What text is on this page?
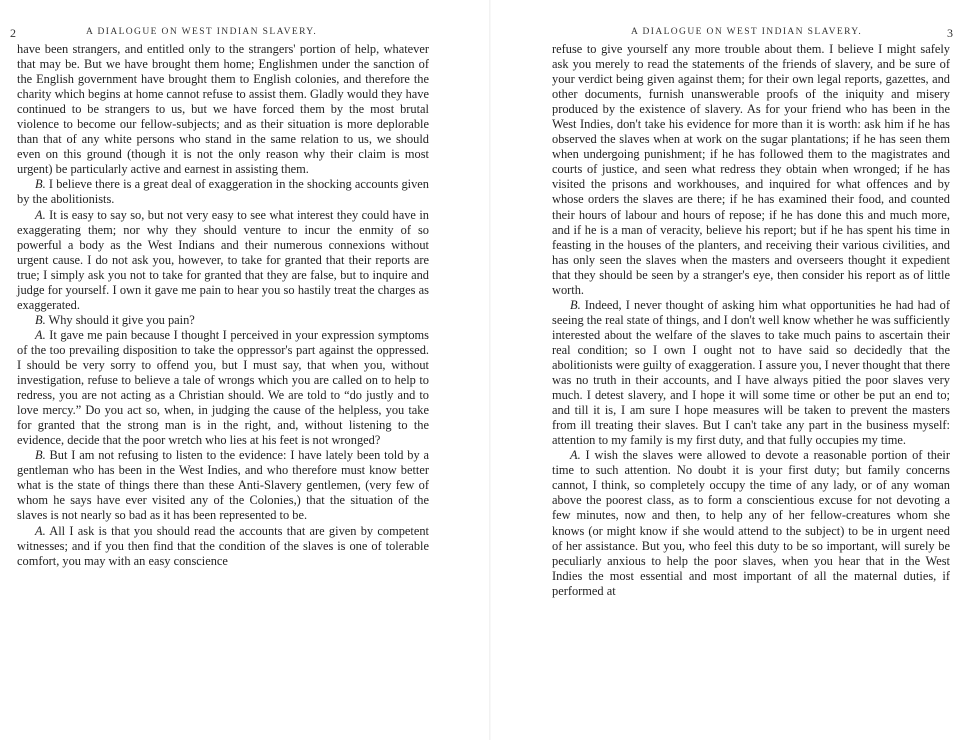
2	A DIALOGUE ON WEST INDIAN SLAVERY.

have been strangers, and entitled only to the strangers' portion of help, whatever that may be. But we have brought them home; Englishmen under the sanction of the English government have brought them to English colonies, and therefore the charity which begins at home cannot refuse to assist them. Gladly would they have continued to be strangers to us, but we have forced them by the most brutal violence to become our fellow-subjects; and as their situation is more deplorable than that of any white persons who stand in the same relation to us, we should even on this ground (though it is not the only reason why their claim is most urgent) be particularly active and earnest in assisting them.

B. I believe there is a great deal of exaggeration in the shocking accounts given by the abolitionists.

A. It is easy to say so, but not very easy to see what interest they could have in exaggerating them; nor why they should venture to incur the enmity of so powerful a body as the West Indians and their numerous connexions without urgent cause. I do not ask you, however, to take for granted that their reports are true; I simply ask you not to take for granted that they are false, but to inquire and judge for yourself. I own it gave me pain to hear you so hastily treat the charges as exaggerated.

B. Why should it give you pain?

A. It gave me pain because I thought I perceived in your expression symptoms of the too prevailing disposition to take the oppressor's part against the oppressed. I should be very sorry to offend you, but I must say, that when you, without investigation, refuse to believe a tale of wrongs which you are called on to help to redress, you are not acting as a Christian should. We are told to “do justly and to love mercy.” Do you act so, when, in judging the cause of the helpless, you take for granted that the strong man is in the right, and, without listening to the evidence, decide that the poor wretch who lies at his feet is not wronged?

B. But I am not refusing to listen to the evidence: I have lately been told by a gentleman who has been in the West Indies, and who therefore must know better what is the state of things there than these Anti-Slavery gentlemen, (very few of whom he says have ever visited any of the Colonies,) that the situation of the slaves is not nearly so bad as it has been represented to be.

A. All I ask is that you should read the accounts that are given by competent witnesses; and if you then find that the condition of the slaves is one of tolerable comfort, you may with an easy conscience

A DIALOGUE ON WEST INDIAN SLAVERY.	3

refuse to give yourself any more trouble about them. I believe I might safely ask you merely to read the statements of the friends of slavery, and be sure of your verdict being given against them; for their own legal reports, gazettes, and other documents, furnish unanswerable proofs of the iniquity and misery produced by the existence of slavery. As for your friend who has been in the West Indies, don't take his evidence for more than it is worth: ask him if he has observed the slaves when at work on the sugar plantations; if he has seen them when undergoing punishment; if he has followed them to the magistrates and courts of justice, and seen what redress they obtain when wronged; if he has visited the prisons and workhouses, and inquired for what offences and by whose orders the slaves are there; if he has examined their food, and counted their hours of labour and hours of repose; if he has done this and much more, and if he is a man of veracity, believe his report; but if he has spent his time in feasting in the houses of the planters, and receiving their various civilities, and has only seen the slaves when the masters and overseers thought it expedient that they should be seen by a stranger's eye, then consider his report as of little worth.

B. Indeed, I never thought of asking him what opportunities he had had of seeing the real state of things, and I don't well know whether he was sufficiently interested about the welfare of the slaves to take much pains to ascertain their real condition; so I own I ought not to have said so decidedly that the abolitionists were guilty of exaggeration. I assure you, I never thought that there was no truth in their accounts, and I have always pitied the poor slaves very much. I detest slavery, and I hope it will some time or other be put an end to; and till it is, I am sure I hope measures will be taken to prevent the masters from ill treating their slaves. But I can't take any part in the business myself: attention to my family is my first duty, and that fully occupies my time.

A. I wish the slaves were allowed to devote a reasonable portion of their time to such attention. No doubt it is your first duty; but family concerns cannot, I think, so completely occupy the time of any lady, or of any woman above the poorest class, as to form a conscientious excuse for not devoting a few minutes, now and then, to help any of her fellow-creatures whom she knows (or might know if she would attend to the subject) to be in urgent need of her assistance. But you, who feel this duty to be so important, will surely be peculiarly anxious to help the poor slaves, when you hear that in the West Indies the most essential and most important of all the maternal duties, if performed at
